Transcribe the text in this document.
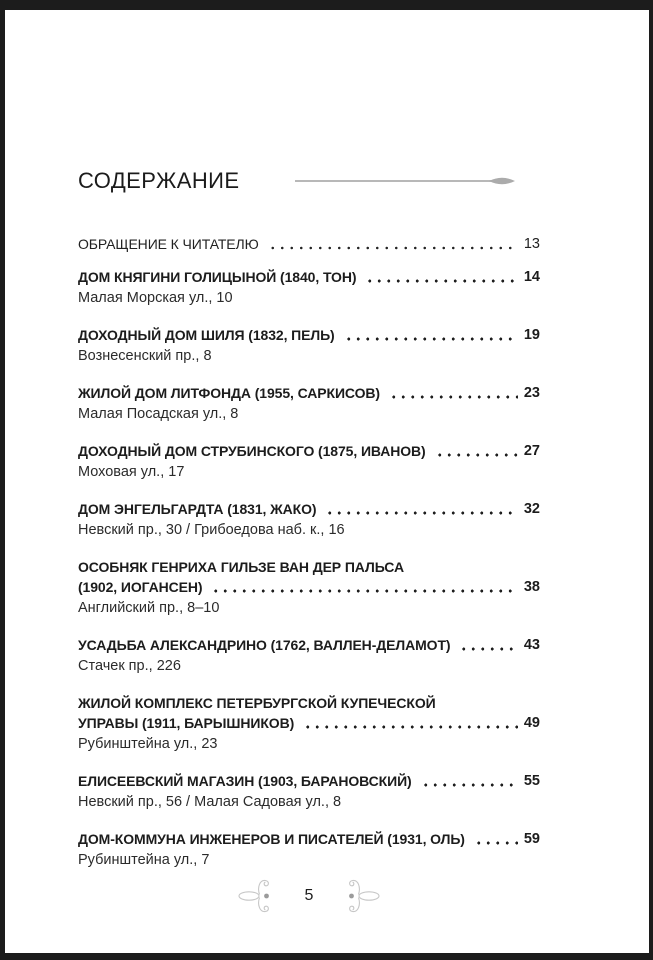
СОДЕРЖАНИЕ
ОБРАЩЕНИЕ К ЧИТАТЕЛЮ	13
ДОМ КНЯГИНИ ГОЛИЦЫНОЙ (1840, ТОН)	14
Малая Морская ул., 10
ДОХОДНЫЙ ДОМ ШИЛЯ (1832, ПЕЛЬ)	19
Вознесенский пр., 8
ЖИЛОЙ ДОМ ЛИТФОНДА (1955, САРКИСОВ)	23
Малая Посадская ул., 8
ДОХОДНЫЙ ДОМ СТРУБИНСКОГО (1875, ИВАНОВ)	27
Моховая ул., 17
ДОМ ЭНГЕЛЬГАРДТА (1831, ЖАКО)	32
Невский пр., 30 / Грибоедова наб. к., 16
ОСОБНЯК ГЕНРИХА ГИЛЬЗЕ ВАН ДЕР ПАЛЬСА
(1902, ИОГАНСЕН)	38
Английский пр., 8–10
УСАДЬБА АЛЕКСАНДРИНО (1762, ВАЛЛЕН-ДЕЛАМОТ)	43
Стачек пр., 226
ЖИЛОЙ КОМПЛЕКС ПЕТЕРБУРГСКОЙ КУПЕЧЕСКОЙ
УПРАВЫ (1911, БАРЫШНИКОВ)	49
Рубинштейна ул., 23
ЕЛИСЕЕВСКИЙ МАГАЗИН (1903, БАРАНОВСКИЙ)	55
Невский пр., 56 / Малая Садовая ул., 8
ДОМ-КОММУНА ИНЖЕНЕРОВ И ПИСАТЕЛЕЙ (1931, ОЛЬ)	59
Рубинштейна ул., 7
5
